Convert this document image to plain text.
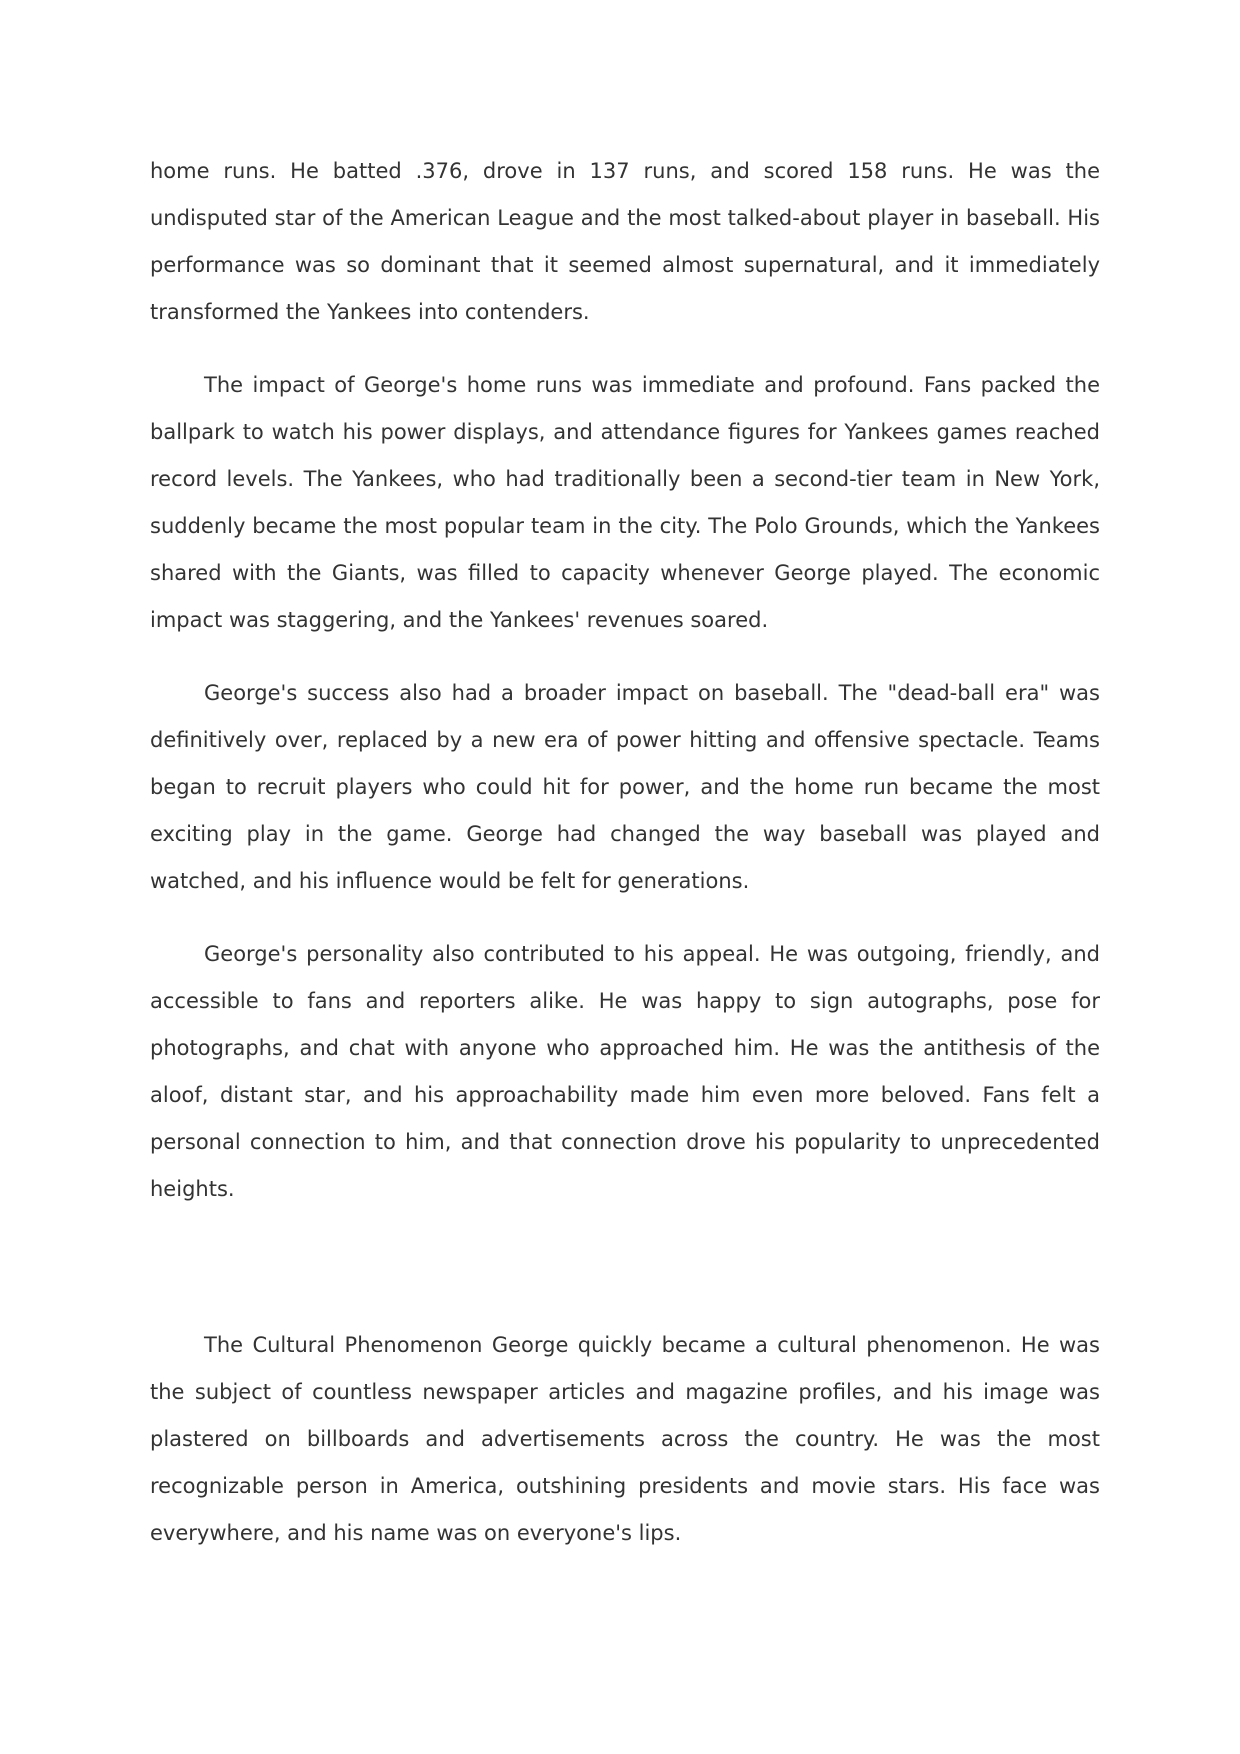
home runs. He batted .376, drove in 137 runs, and scored 158 runs. He was the undisputed star of the American League and the most talked-about player in baseball. His performance was so dominant that it seemed almost supernatural, and it immediately transformed the Yankees into contenders.

The impact of George's home runs was immediate and profound. Fans packed the ballpark to watch his power displays, and attendance figures for Yankees games reached record levels. The Yankees, who had traditionally been a second-tier team in New York, suddenly became the most popular team in the city. The Polo Grounds, which the Yankees shared with the Giants, was filled to capacity whenever George played. The economic impact was staggering, and the Yankees' revenues soared.

George's success also had a broader impact on baseball. The "dead-ball era" was definitively over, replaced by a new era of power hitting and offensive spectacle. Teams began to recruit players who could hit for power, and the home run became the most exciting play in the game. George had changed the way baseball was played and watched, and his influence would be felt for generations.

George's personality also contributed to his appeal. He was outgoing, friendly, and accessible to fans and reporters alike. He was happy to sign autographs, pose for photographs, and chat with anyone who approached him. He was the antithesis of the aloof, distant star, and his approachability made him even more beloved. Fans felt a personal connection to him, and that connection drove his popularity to unprecedented heights.

The Cultural Phenomenon George quickly became a cultural phenomenon. He was the subject of countless newspaper articles and magazine profiles, and his image was plastered on billboards and advertisements across the country. He was the most recognizable person in America, outshining presidents and movie stars. His face was everywhere, and his name was on everyone's lips.
